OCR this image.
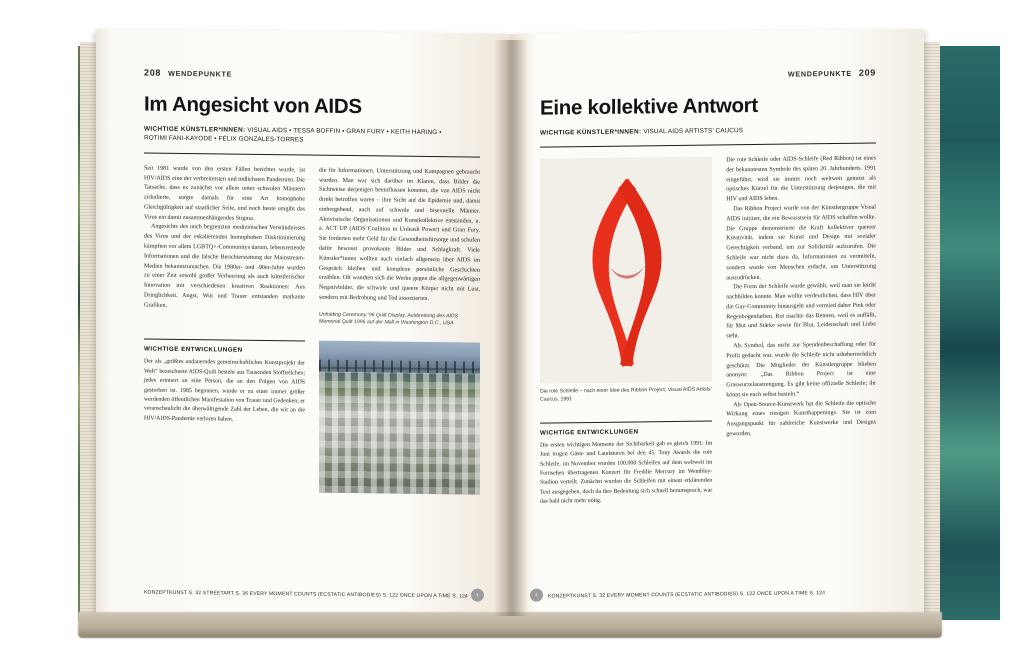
208 WENDEPUNKTE
Im Angesicht von AIDS
WICHTIGE KÜNSTLER*INNEN: VISUAL AIDS • TESSA BOFFIN • GRAN FURY • KEITH HARING • ROTIMI FANI-KAYODE • FÉLIX GONZALES-TORRES

Seit 1981 wurde von den ersten Fällen berichtet wurde, ist HIV/AIDS eine der verbreitetsten und tödlichsten Pandemien. Die Tatsache, dass es zunächst vor allem unter schwulen Männern zirkulierte, sorgte damals für eine Art homophobe Gleichgültigkeit auf staatlicher Seite, und noch heute umgibt das Virus ein damit zusammenhängendes Stigma.

Angesichts des noch begrenzten medizinischen Verständnisses des Virus und der eskalierenden homophoben Diskriminierung kämpften vor allem LGBTQ+-Communitys darum, lebensrettende Informationen und die falsche Berichterstattung der Mainstream-Medien bekanntzumachen. Die 1980er- und -90er-Jahre wurden zu einer Zeit sowohl großer Verheerung als auch künstlerischer Innovation mit verschiedenen kreativen Reaktionen: Aus Dringlichkeit, Angst, Wut und Trauer entstanden markante Grafiken,

die für Informationen, Unterstützung und Kampagnen gebraucht wurden. Man war sich darüber im Klaren, dass Bilder die Sichtweise derjenigen beeinflussen konnten, die von AIDS nicht direkt betroffen waren – ihre Sicht auf die Epidemie und, damit einhergehend, auch auf schwule und bisexuelle Männer. Aktivistische Organisationen und Kunstkollektive entstanden, u. a. ACT UP (AIDS Coalition to Unleash Power) und Gran Fury. Sie forderten mehr Geld für die Gesundheitsfürsorge und schufen dafür bewusst provokante Bilder und Schlagkraft. Viele Künstler*innen wollten auch einfach allgemein über AIDS im Gespräch bleiben und komplexe persönliche Geschichten erzählen. Oft wandten sich die Werke gegen die allgegenwärtigen Negativbilder, die schwule und queere Körper nicht mit Lust, sondern mit Bedrohung und Tod assoziierten.

Unfolding Ceremony '96 Quilt Display, Ausbreitung des AIDS Memorial Quilt 1996 auf der Mall in Washington D.C., USA
WICHTIGE ENTWICKLUNGEN

Der als „größtes andauerndes gemeinschaftliches Kunstprojekt der Welt“ bezeichnete AIDS-Quilt besteht aus Tausenden Stoffteilchen; jedes erinnert an eine Person, die an den Folgen von AIDS gestorben ist. 1985 begonnen, wurde er zu einer immer größer werdenden öffentlichen Manifestation von Trauer und Gedenken; er veranschaulicht die überwältigende Zahl der Leben, die wir an die HIV/AIDS-Pandemie verloren haben.

KONZEPTKUNST S. 32 STREETART S. 36 EVERY MOMENT COUNTS (ECSTATIC ANTIBODIES) S. 122 ONCE UPON A TIME S. 124	›
WENDEPUNKTE 209
Eine kollektive Antwort
WICHTIGE KÜNSTLER*INNEN: VISUAL AIDS ARTISTS’ CAUCUS
Die rote Schleife – nach einer Idee des Ribbon Project, Visual AIDS Artists’ Caucus, 1991
WICHTIGE ENTWICKLUNGEN

Die ersten wichtigen Momente der Sichtbarkeit gab es gleich 1991: Im Juni trugen Gäste und Laudatoren bei den 45. Tony Awards die rote Schleife, im November wurden 100.000 Schleifen auf dem weltweit im Fernsehen übertragenen Konzert für Freddie Mercury im Wembley-Stadion verteilt. Zunächst wurden die Schleifen mit einem erklärenden Text ausgegeben, doch da ihre Bedeutung sich schnell herumsprach, war das bald nicht mehr nötig.

Die rote Schleife oder AIDS-Schleife (Red Ribbon) ist eines der bekanntesten Symbole des späten 20. Jahrhunderts. 1991 eingeführt, wird sie immer noch weltweit genutzt als optisches Kürzel für die Unterstützung derjenigen, die mit HIV und AIDS leben.

Das Ribbon Project wurde von der Künstlergruppe Visual AIDS initiiert, die ein Bewusstsein für AIDS schaffen wollte. Die Gruppe demonstrierte die Kraft kollektiver queerer Kreativität, indem sie Kunst und Design mit sozialer Gerechtigkeit verband, um zur Solidarität aufzurufen. Die Schleife war nicht dazu da, Informationen zu vermitteln, sondern wurde von Menschen erdacht, um Unterstützung auszudrücken.

Die Form der Schleife wurde gewählt, weil man sie leicht nachbilden konnte. Man wollte verdeutlichen, dass HIV über die Gay-Community hinausgeht und vermied daher Pink oder Regenbogenfarben. Rot machte das Rennen, weil es auffällt, für Mut und Stärke sowie für Blut, Leidenschaft und Liebe steht.

Als Symbol, das nicht zur Spendenbeschaffung oder für Profit gedacht war, wurde die Schleife nicht urheberrechtlich geschützt. Die Mitglieder der Künstlergruppe blieben anonym: „Das Ribbon Project ist eine Graswurzelanstrengung. Es gibt keine offizielle Schleife; ihr könnt sie euch selbst basteln.“

Als Open-Source-Kunstwerk hat die Schleife die optische Wirkung eines riesigen Kunsthappenings. Sie ist zum Ausgangspunkt für zahlreiche Kunstwerke und Designs geworden.

‹	KONZEPTKUNST S. 32 EVERY MOMENT COUNTS (ECSTATIC ANTIBODIES) S. 122 ONCE UPON A TIME S. 124
